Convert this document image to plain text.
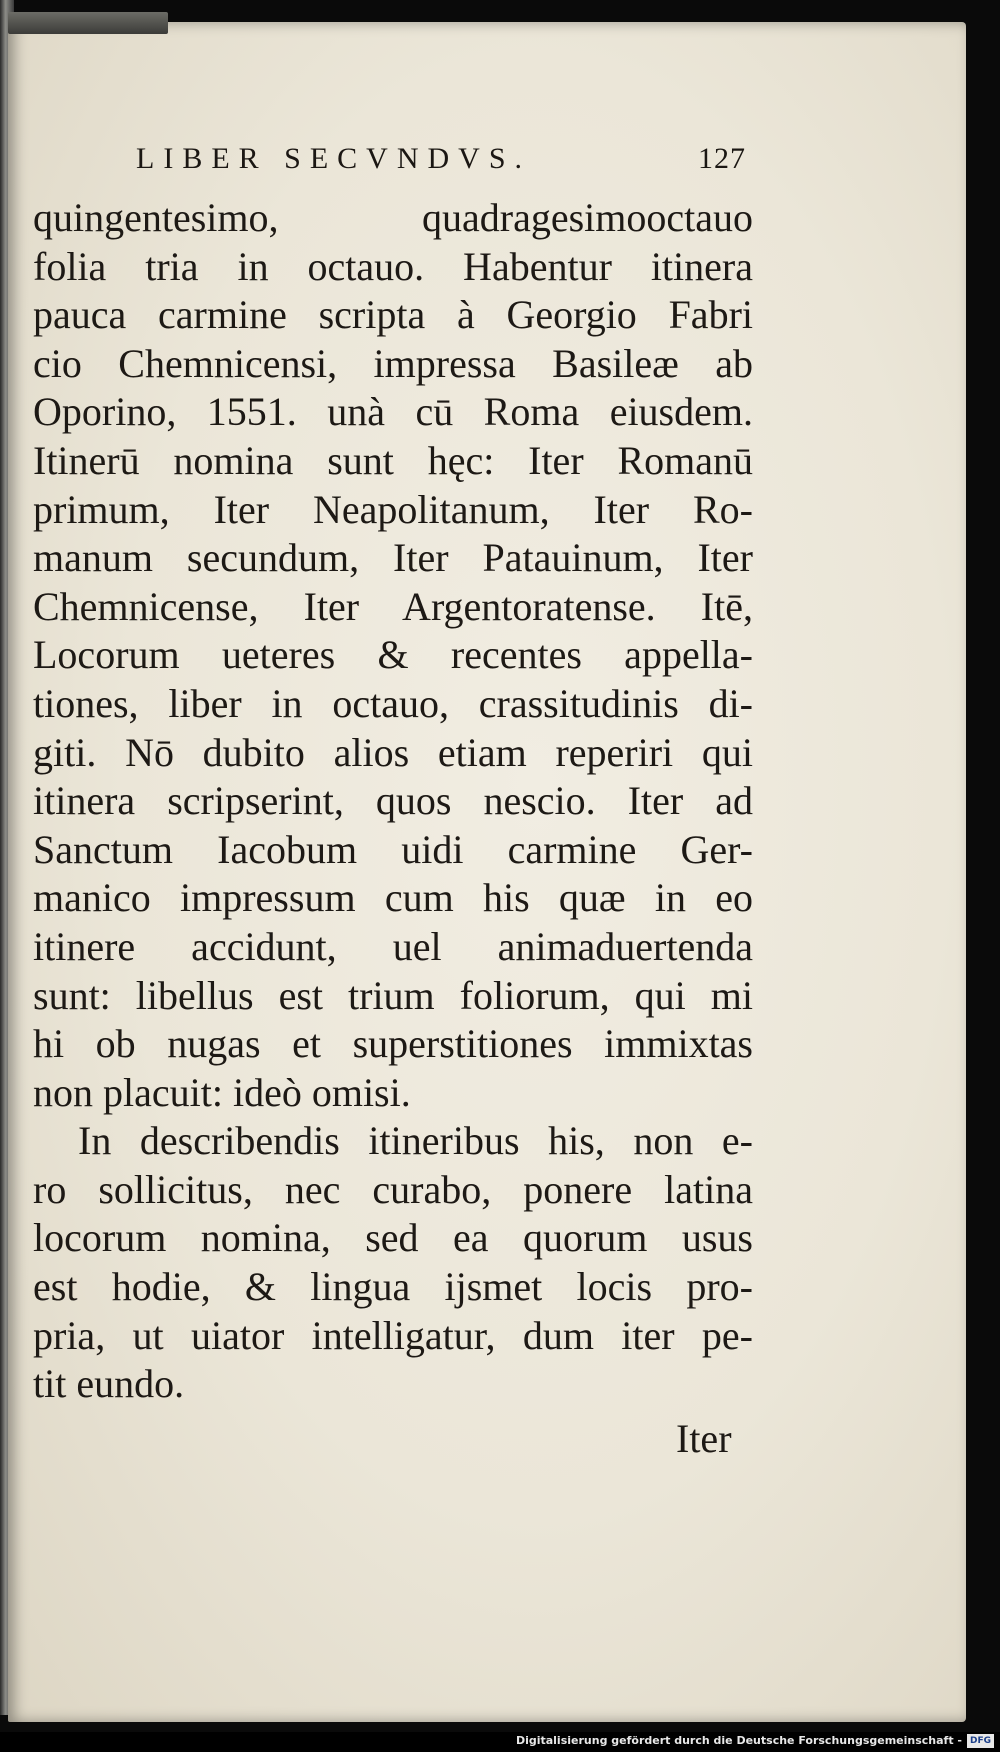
LIBER SECVNDVS.	127
quingentesimo, quadragesimooctauo
folia tria in octauo. Habentur itinera
pauca carmine scripta à Georgio Fabri
cio Chemnicensi, impressa Basileæ ab
Oporino, 1551. unà cū Roma eiusdem.
Itinerū nomina sunt hęc: Iter Romanū
primum, Iter Neapolitanum, Iter Ro-
manum secundum, Iter Patauinum, Iter
Chemnicense, Iter Argentoratense. Itē,
Locorum ueteres & recentes appella-
tiones, liber in octauo, crassitudinis di-
giti. Nō dubito alios etiam reperiri qui
itinera scripserint, quos nescio. Iter ad
Sanctum Iacobum uidi carmine Ger-
manico impressum cum his quæ in eo
itinere accidunt, uel animaduertenda
sunt: libellus est trium foliorum, qui mi
hi ob nugas et superstitiones immixtas
non placuit: ideò omisi.
In describendis itineribus his, non e-
ro sollicitus, nec curabo, ponere latina
locorum nomina, sed ea quorum usus
est hodie, & lingua ijsmet locis pro-
pria, ut uiator intelligatur, dum iter pe-
tit eundo.
Iter
Digitalisierung gefördert durch die Deutsche Forschungsgemeinschaft - DFG
